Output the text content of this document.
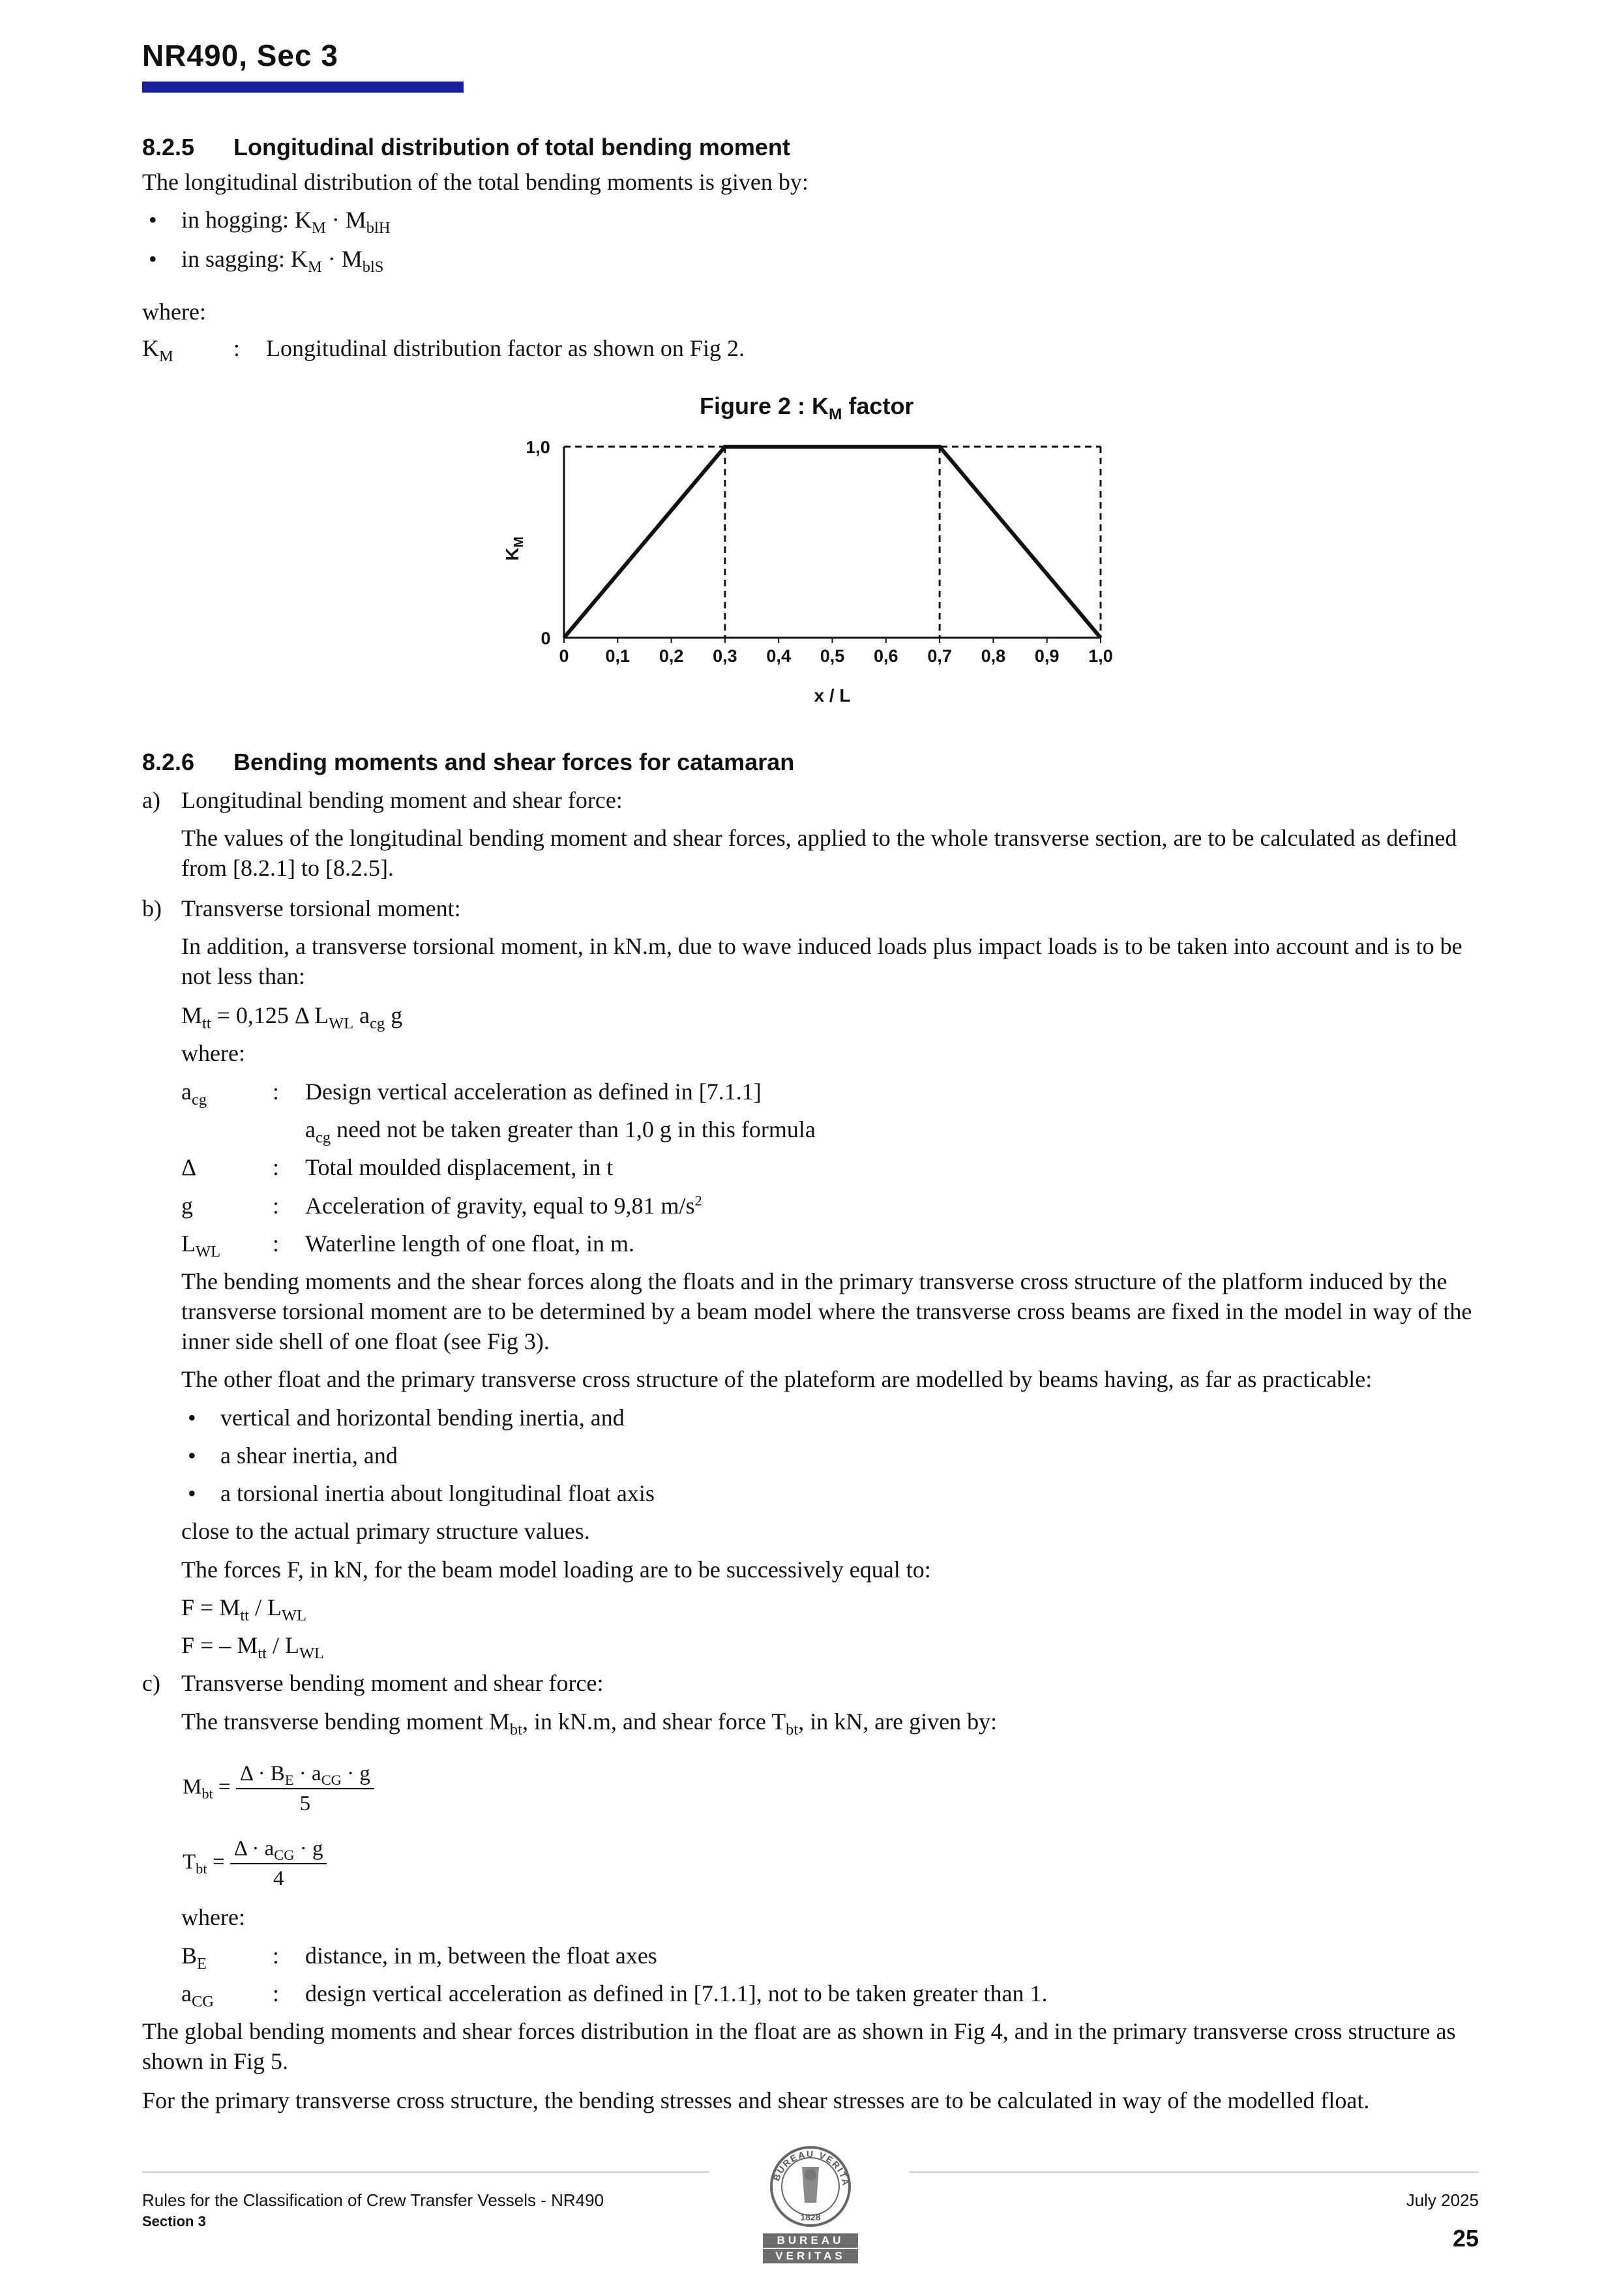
NR490, Sec 3
8.2.5 Longitudinal distribution of total bending moment
The longitudinal distribution of the total bending moments is given by:
• in hogging: $K_M \cdot M_{blH}$
• in sagging: $K_M \cdot M_{blS}$
where:
$K_M$	: Longitudinal distribution factor as shown on Fig 2.
Figure 2 : $K_M$ factor
0 0,1 0,2 0,3 0,4 0,5 0,6 0,7 0,8 0,9 1,0
0
1,0
x / L
$K_M$
8.2.6 Bending moments and shear forces for catamaran
a) Longitudinal bending moment and shear force:
The values of the longitudinal bending moment and shear forces, applied to the whole transverse section, are to be calculated as defined from [8.2.1] to [8.2.5].
b) Transverse torsional moment:
In addition, a transverse torsional moment, in kN.m, due to wave induced loads plus impact loads is to be taken into account and is to be not less than:
$M_{tt} = 0,125$ Δ $L_{WL}$ $a_{cg}$ g
where:
$a_{cg}$	: Design vertical acceleration as defined in [7.1.1]
$a_{cg}$ need not be taken greater than 1,0 g in this formula
Δ	: Total moulded displacement, in t
g	: Acceleration of gravity, equal to 9,81 $m/s^2$
$L_{WL}$ : Waterline length of one float, in m.
The bending moments and the shear forces along the floats and in the primary transverse cross structure of the platform induced by the transverse torsional moment are to be determined by a beam model where the transverse cross beams are fixed in the model in way of the inner side shell of one float (see Fig 3).
The other float and the primary transverse cross structure of the plateform are modelled by beams having, as far as practicable:
• vertical and horizontal bending inertia, and
• a shear inertia, and
• a torsional inertia about longitudinal float axis
close to the actual primary structure values.
The forces F, in kN, for the beam model loading are to be successively equal to:
$F = M_{tt} / L_{WL}$
F = – $M_{tt} / L_{WL}$
c) Transverse bending moment and shear force:
The transverse bending moment $M_{bt}$, in kN.m, and shear force $T_{bt}$, in kN, are given by:
$M_{bt} = \frac{\Delta \cdot B_E \cdot a_{CG} \cdot g}{5}$
$T_{bt} = \frac{\Delta \cdot a_{CG} \cdot g}{4}$
where:
$B_E$	: distance, in m, between the float axes
$a_{CG}$	: design vertical acceleration as defined in [7.1.1], not to be taken greater than 1.
The global bending moments and shear forces distribution in the float are as shown in Fig 4, and in the primary transverse cross structure as shown in Fig 5.
For the primary transverse cross structure, the bending stresses and shear stresses are to be calculated in way of the modelled float.
Rules for the Classification of Crew Transfer Vessels - NR490
Section 3
July 2025
25
BUREAU VERITA
1828
BUREAU
VERITAS
